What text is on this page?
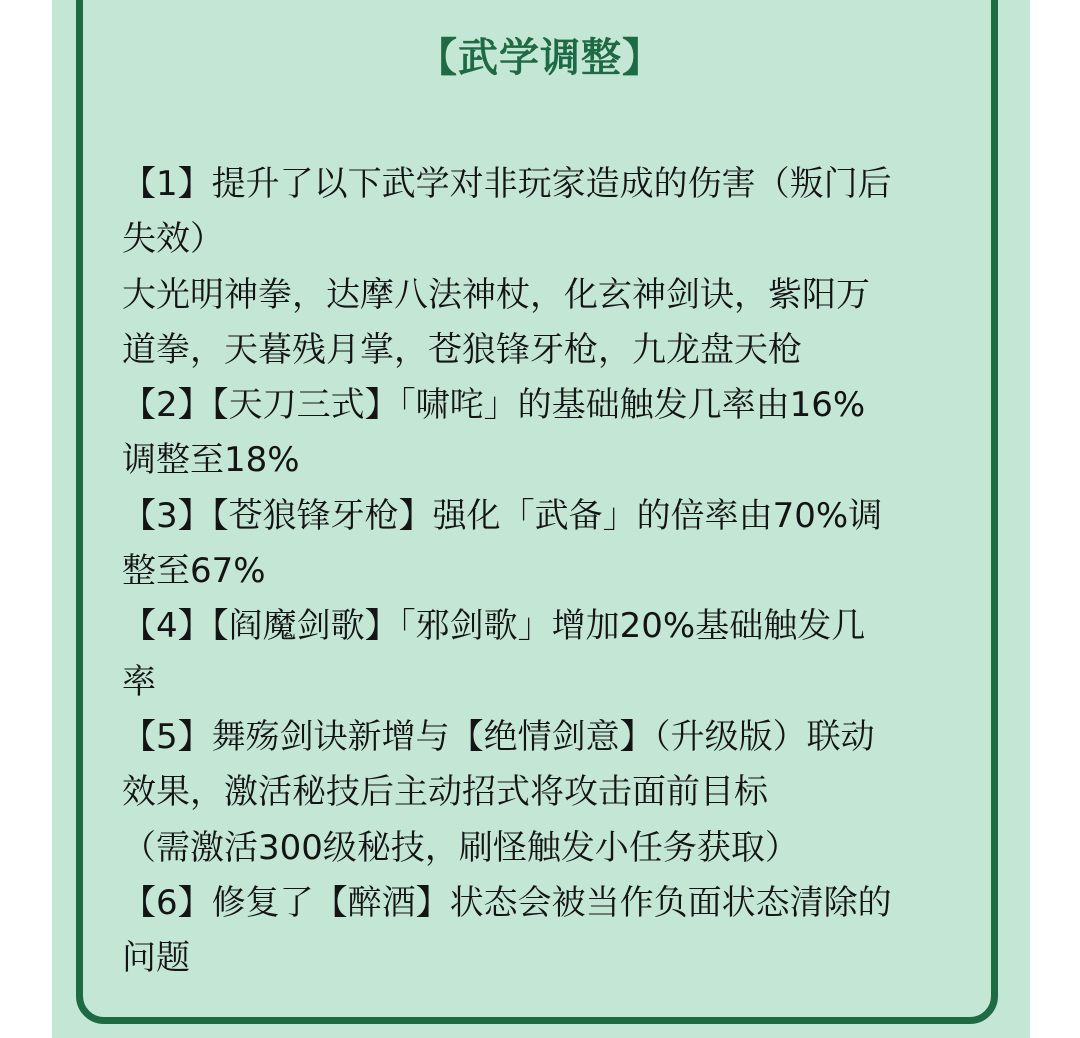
【武学调整】

【1】提升了以下武学对非玩家造成的伤害（叛门后
失效）

大光明神拳，达摩八法神杖，化玄神剑诀，紫阳万
道拳，天暮残月掌，苍狼锋牙枪，九龙盘天枪

【2】【天刀三式】「啸咤」的基础触发几率由16%
调整至18%

【3】【苍狼锋牙枪】强化「武备」的倍率由70%调
整至67%

【4】【阎魔剑歌】「邪剑歌」增加20%基础触发几
率

【5】舞殇剑诀新增与【绝情剑意】（升级版）联动
效果，激活秘技后主动招式将攻击面前目标

（需激活300级秘技，刷怪触发小任务获取）

【6】修复了【醉酒】状态会被当作负面状态清除的
问题
